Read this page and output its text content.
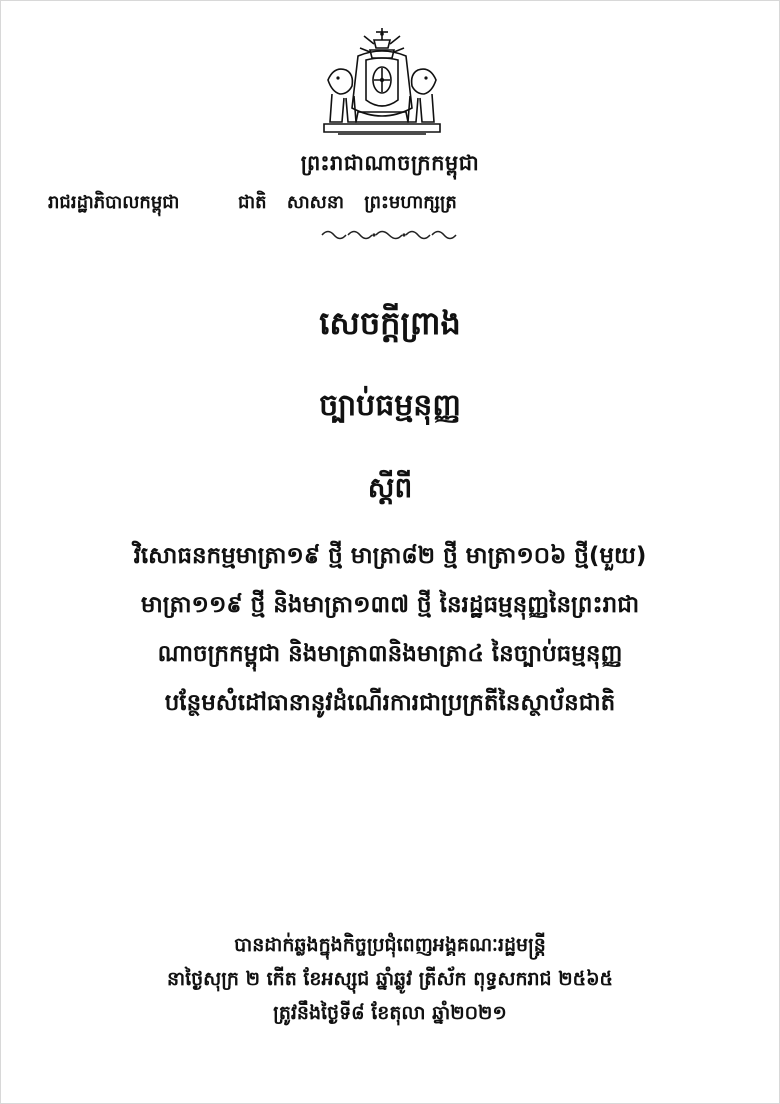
ព្រះរាជាណាចក្រកម្ពុជា
រាជរដ្ឋាភិបាលកម្ពុជា	ជាតិ សាសនា ព្រះមហាក្សត្រ
សេចក្ដីព្រាង
ច្បាប់ធម្មនុញ្ញ
ស្ដីពី
វិសោធនកម្មមាត្រា១៩ ថ្មី មាត្រា៨២ ថ្មី មាត្រា១០៦ ថ្មី(មួយ)
មាត្រា១១៩ ថ្មី និងមាត្រា១៣៧ ថ្មី នៃរដ្ឋធម្មនុញ្ញនៃព្រះរាជា
ណាចក្រកម្ពុជា និងមាត្រា៣និងមាត្រា៤ នៃច្បាប់ធម្មនុញ្ញ
បន្ថែមសំដៅធានានូវដំណើរការជាប្រក្រតីនៃស្ថាប័នជាតិ
បានដាក់ឆ្លងក្នុងកិច្ចប្រជុំពេញអង្គគណៈរដ្ឋមន្ត្រី
នាថ្ងៃសុក្រ ២ កើត ខែអស្សុជ ឆ្នាំឆ្លូវ ត្រីស័ក ពុទ្ធសករាជ ២៥៦៥
ត្រូវនឹងថ្ងៃទី៨ ខែតុលា ឆ្នាំ២០២១
